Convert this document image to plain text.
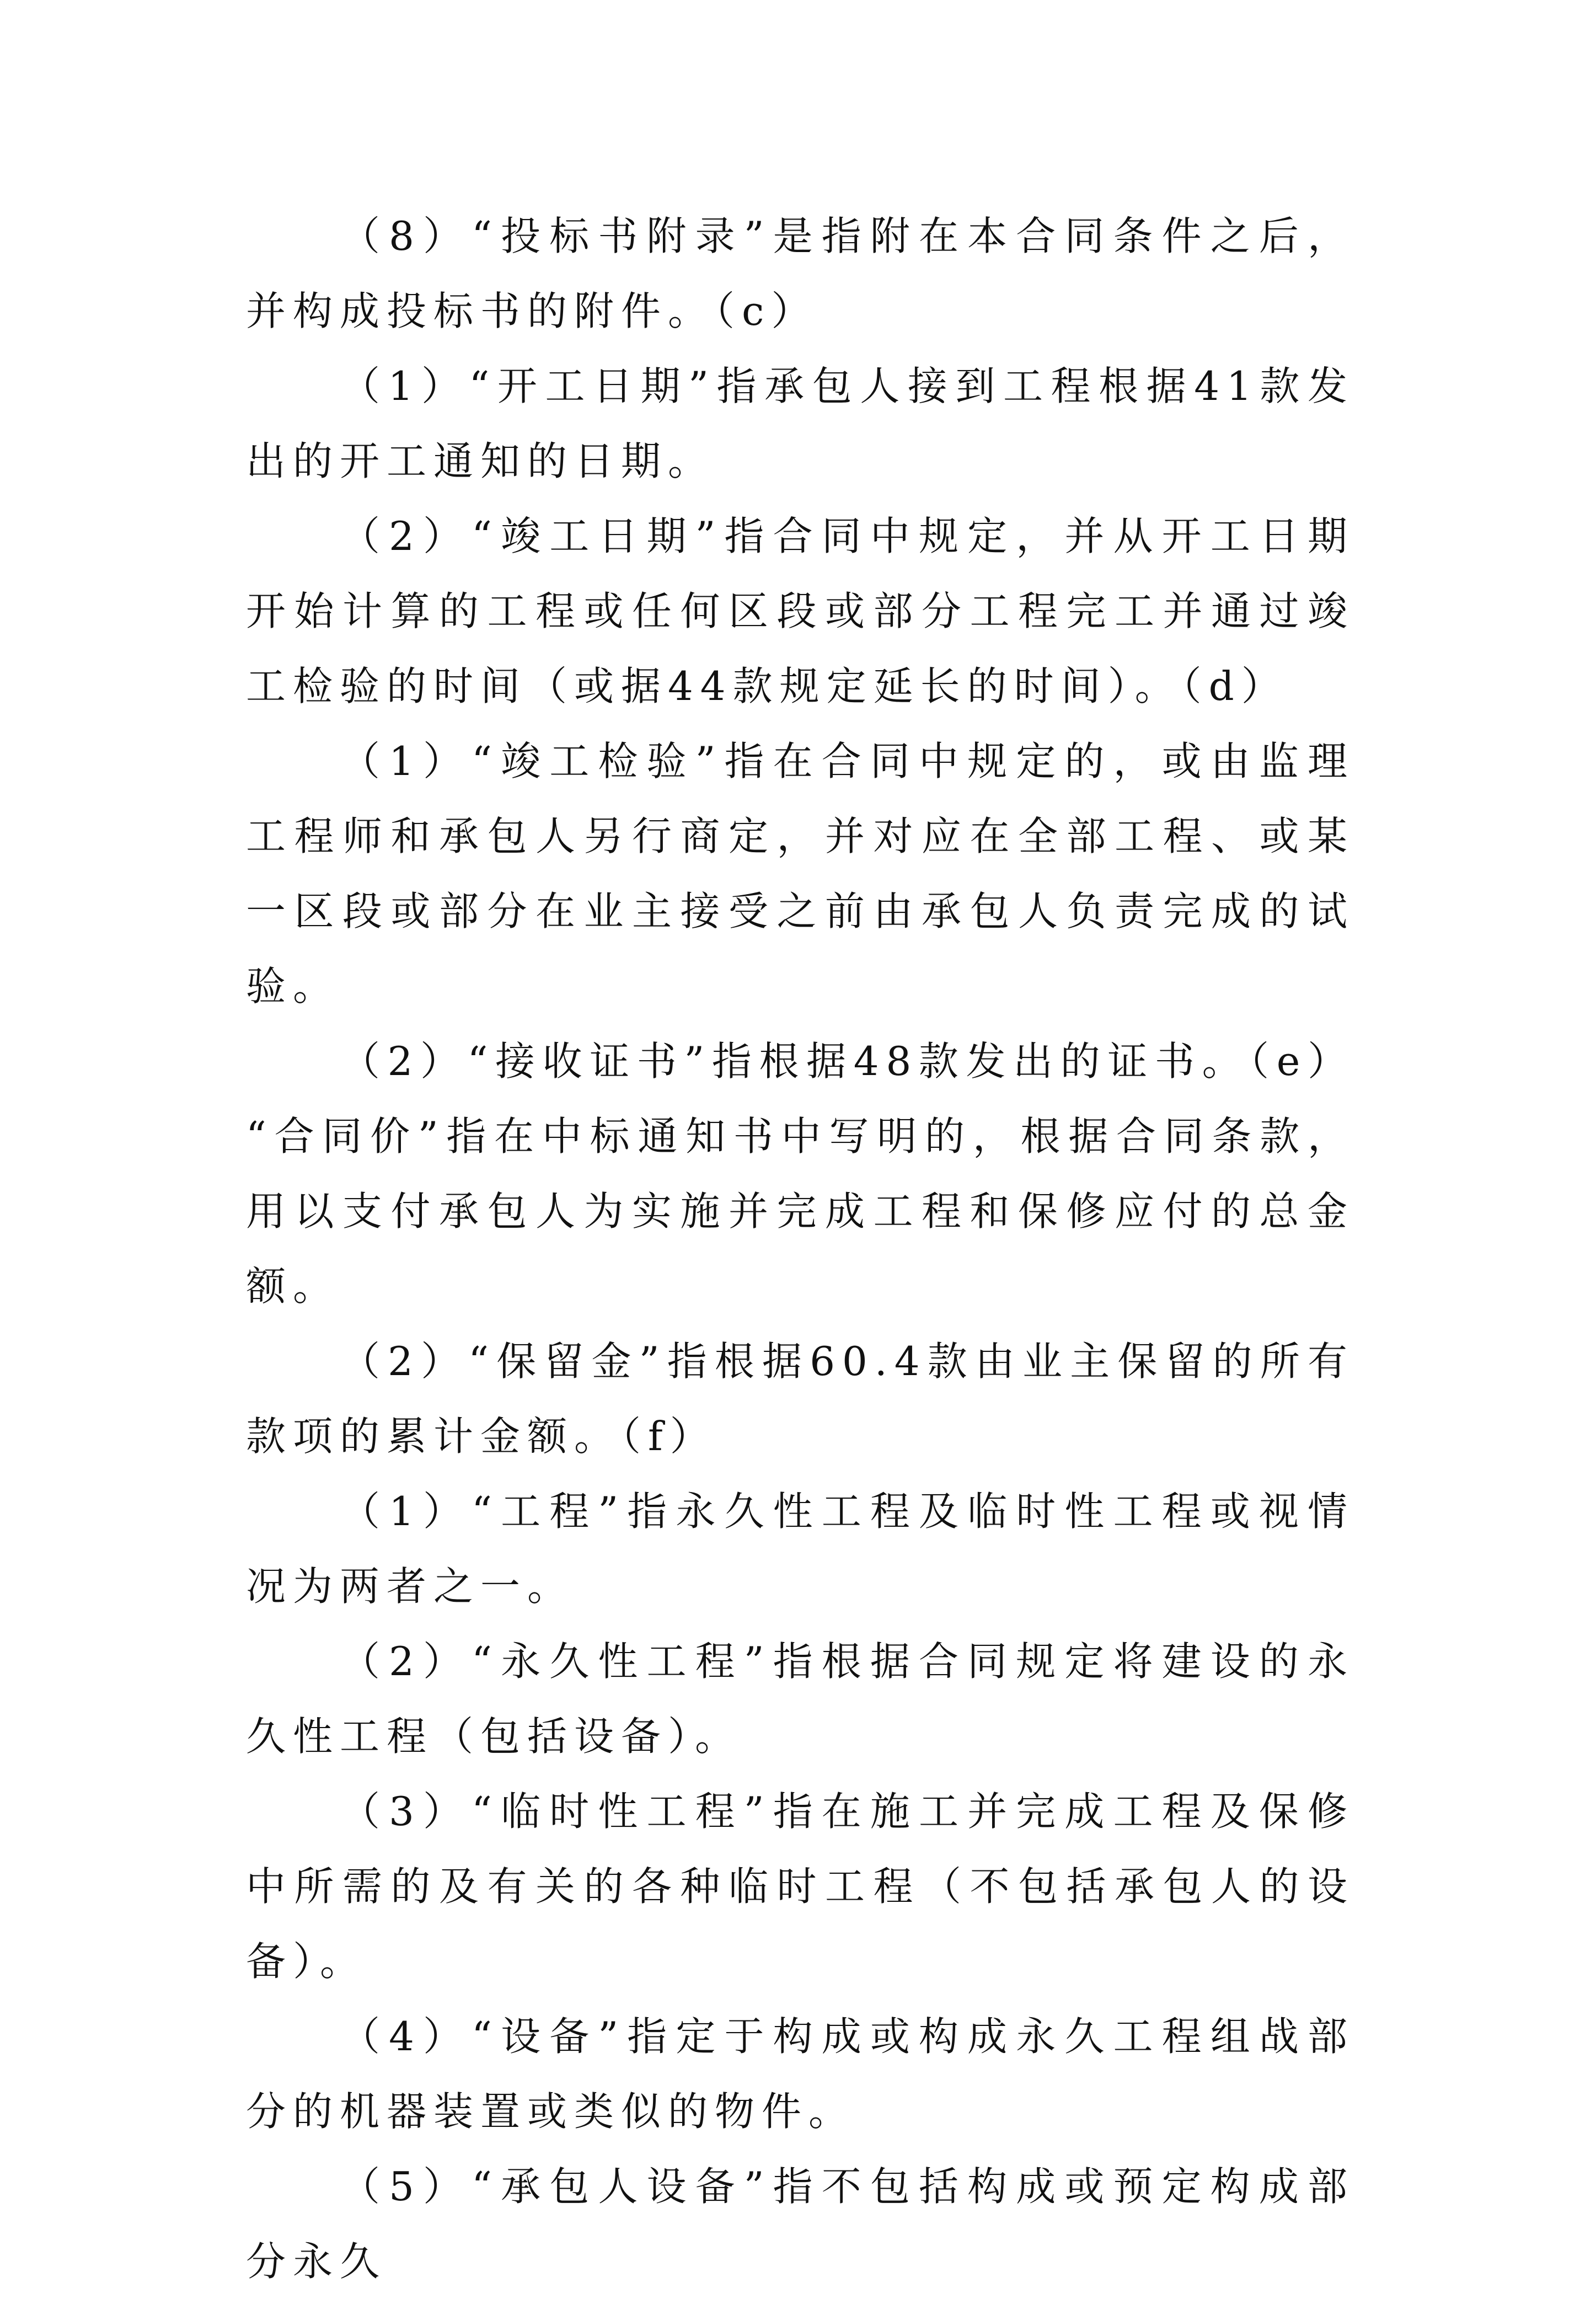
（8）“投标书附录”是指附在本合同条件之后，并构成投标书的附件。（c）

（1）“开工日期”指承包人接到工程根据41款发出的开工通知的日期。

（2）“竣工日期”指合同中规定，并从开工日期开始计算的工程或任何区段或部分工程完工并通过竣工检验的时间（或据44款规定延长的时间）。（d）

（1）“竣工检验”指在合同中规定的，或由监理工程师和承包人另行商定，并对应在全部工程、或某一区段或部分在业主接受之前由承包人负责完成的试验。

（2）“接收证书”指根据48款发出的证书。（e）“合同价”指在中标通知书中写明的，根据合同条款，用以支付承包人为实施并完成工程和保修应付的总金额。

（2）“保留金”指根据60.4款由业主保留的所有款项的累计金额。（f）

（1）“工程”指永久性工程及临时性工程或视情况为两者之一。

（2）“永久性工程”指根据合同规定将建设的永久性工程（包括设备）。

（3）“临时性工程”指在施工并完成工程及保修中所需的及有关的各种临时工程（不包括承包人的设备）。

（4）“设备”指定于构成或构成永久工程组战部分的机器装置或类似的物件。

（5）“承包人设备”指不包括构成或预定构成部分永久
